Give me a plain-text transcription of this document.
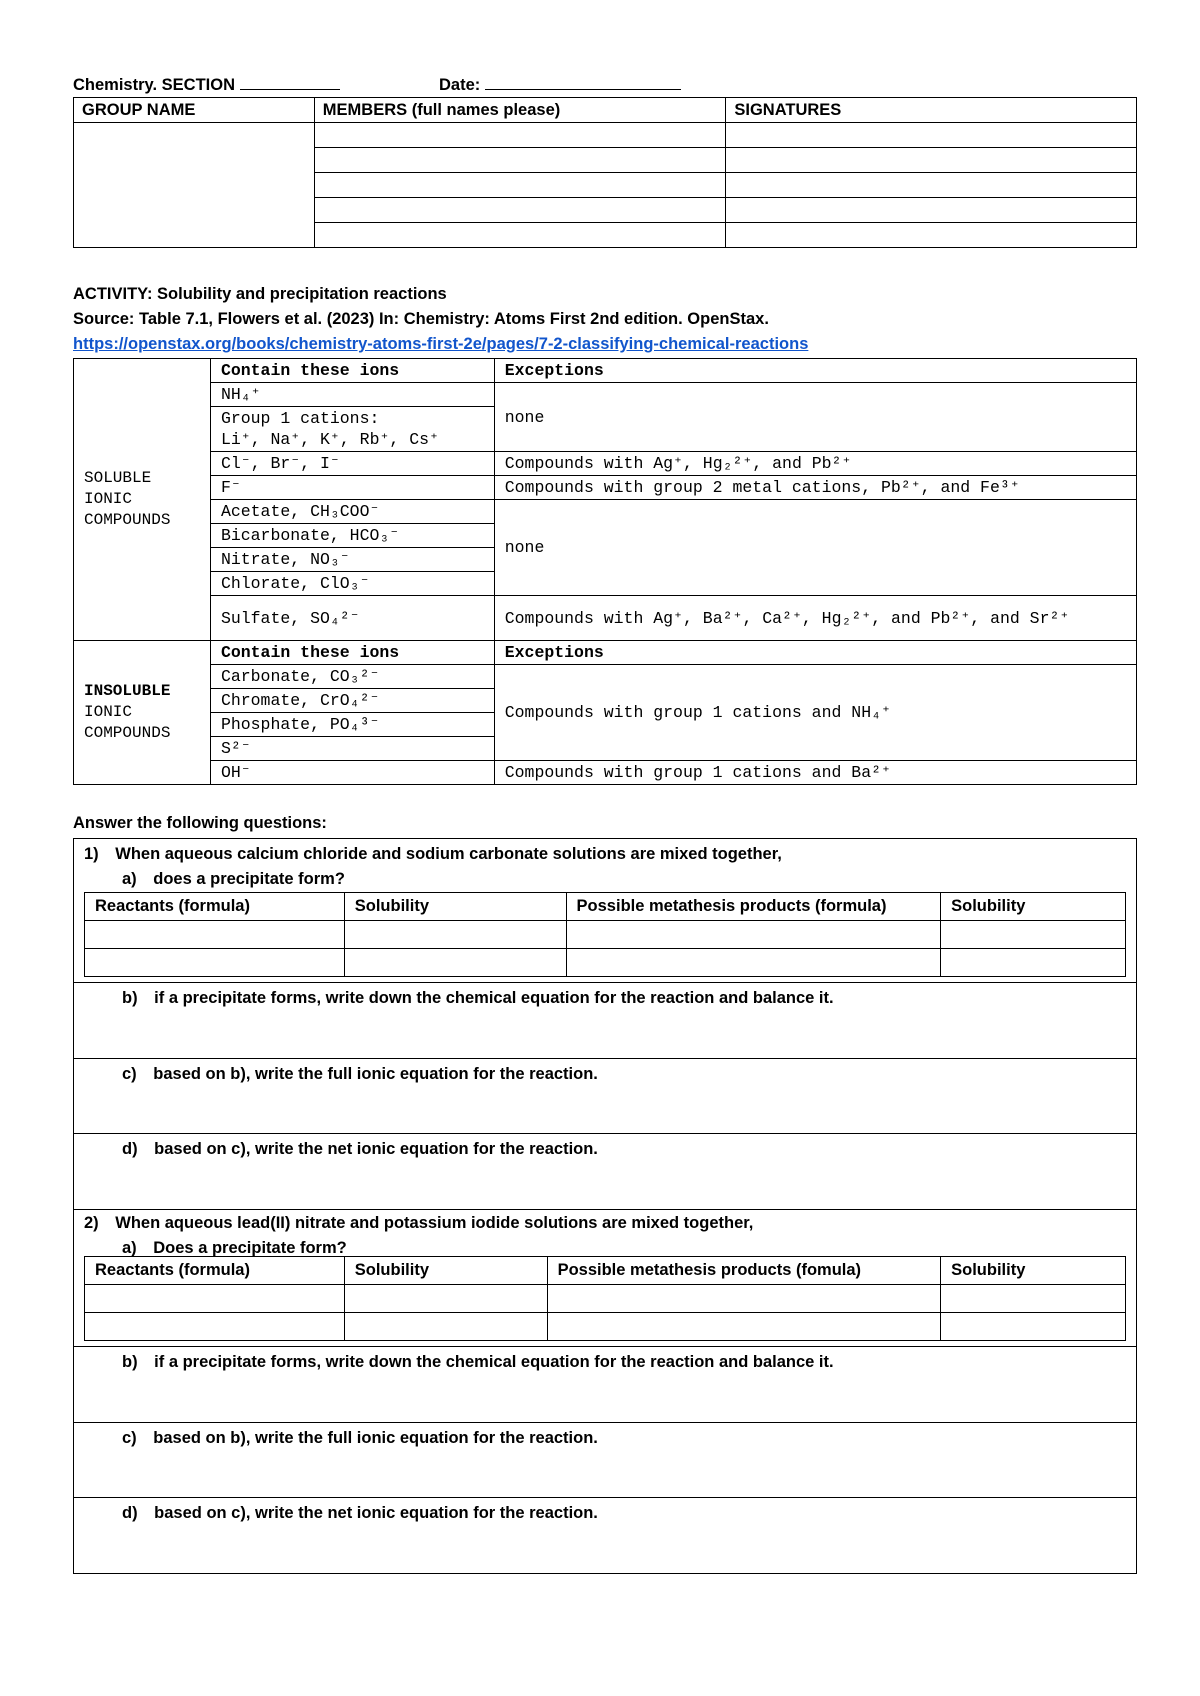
Chemistry. SECTION	Date:
GROUP NAME	MEMBERS (full names please)	SIGNATURES

ACTIVITY: Solubility and precipitation reactions
Source: Table 7.1, Flowers et al. (2023) In: Chemistry: Atoms First 2nd edition. OpenStax.
https://openstax.org/books/chemistry-atoms-first-2e/pages/7-2-classifying-chemical-reactions
SOLUBLE
IONIC
COMPOUNDS	Contain these ions	Exceptions
	NH₄⁺	none

	Group 1 cations:
Li⁺, Na⁺, K⁺, Rb⁺, Cs⁺	

	Cl⁻, Br⁻, I⁻	Compounds with Ag⁺, Hg₂²⁺, and Pb²⁺
	F⁻	Compounds with group 2 metal cations, Pb²⁺, and Fe³⁺
	Acetate, CH₃COO⁻	none
	Bicarbonate, HCO₃⁻	
	Nitrate, NO₃⁻	
	Chlorate, ClO₃⁻	
	Sulfate, SO₄²⁻	Compounds with Ag⁺, Ba²⁺, Ca²⁺, Hg₂²⁺, and Pb²⁺, and Sr²⁺

INSOLUBLE
IONIC
COMPOUNDS	Contain these ions	Exceptions
	Carbonate, CO₃²⁻	Compounds with group 1 cations and NH₄⁺
	Chromate, CrO₄²⁻	
	Phosphate, PO₄³⁻	
	S²⁻	
	OH⁻	Compounds with group 1 cations and Ba²⁺
Answer the following questions:
1) When aqueous calcium chloride and sodium carbonate solutions are mixed together,
a) does a precipitate form?
Reactants (formula)	Solubility	Possible metathesis products (formula)	Solubility

b) if a precipitate forms, write down the chemical equation for the reaction and balance it.
c) based on b), write the full ionic equation for the reaction.
d) based on c), write the net ionic equation for the reaction.
2) When aqueous lead(II) nitrate and potassium iodide solutions are mixed together,
a) Does a precipitate form?
Reactants (formula)	Solubility	Possible metathesis products (fomula)	Solubility

b) if a precipitate forms, write down the chemical equation for the reaction and balance it.
c) based on b), write the full ionic equation for the reaction.
d) based on c), write the net ionic equation for the reaction.
